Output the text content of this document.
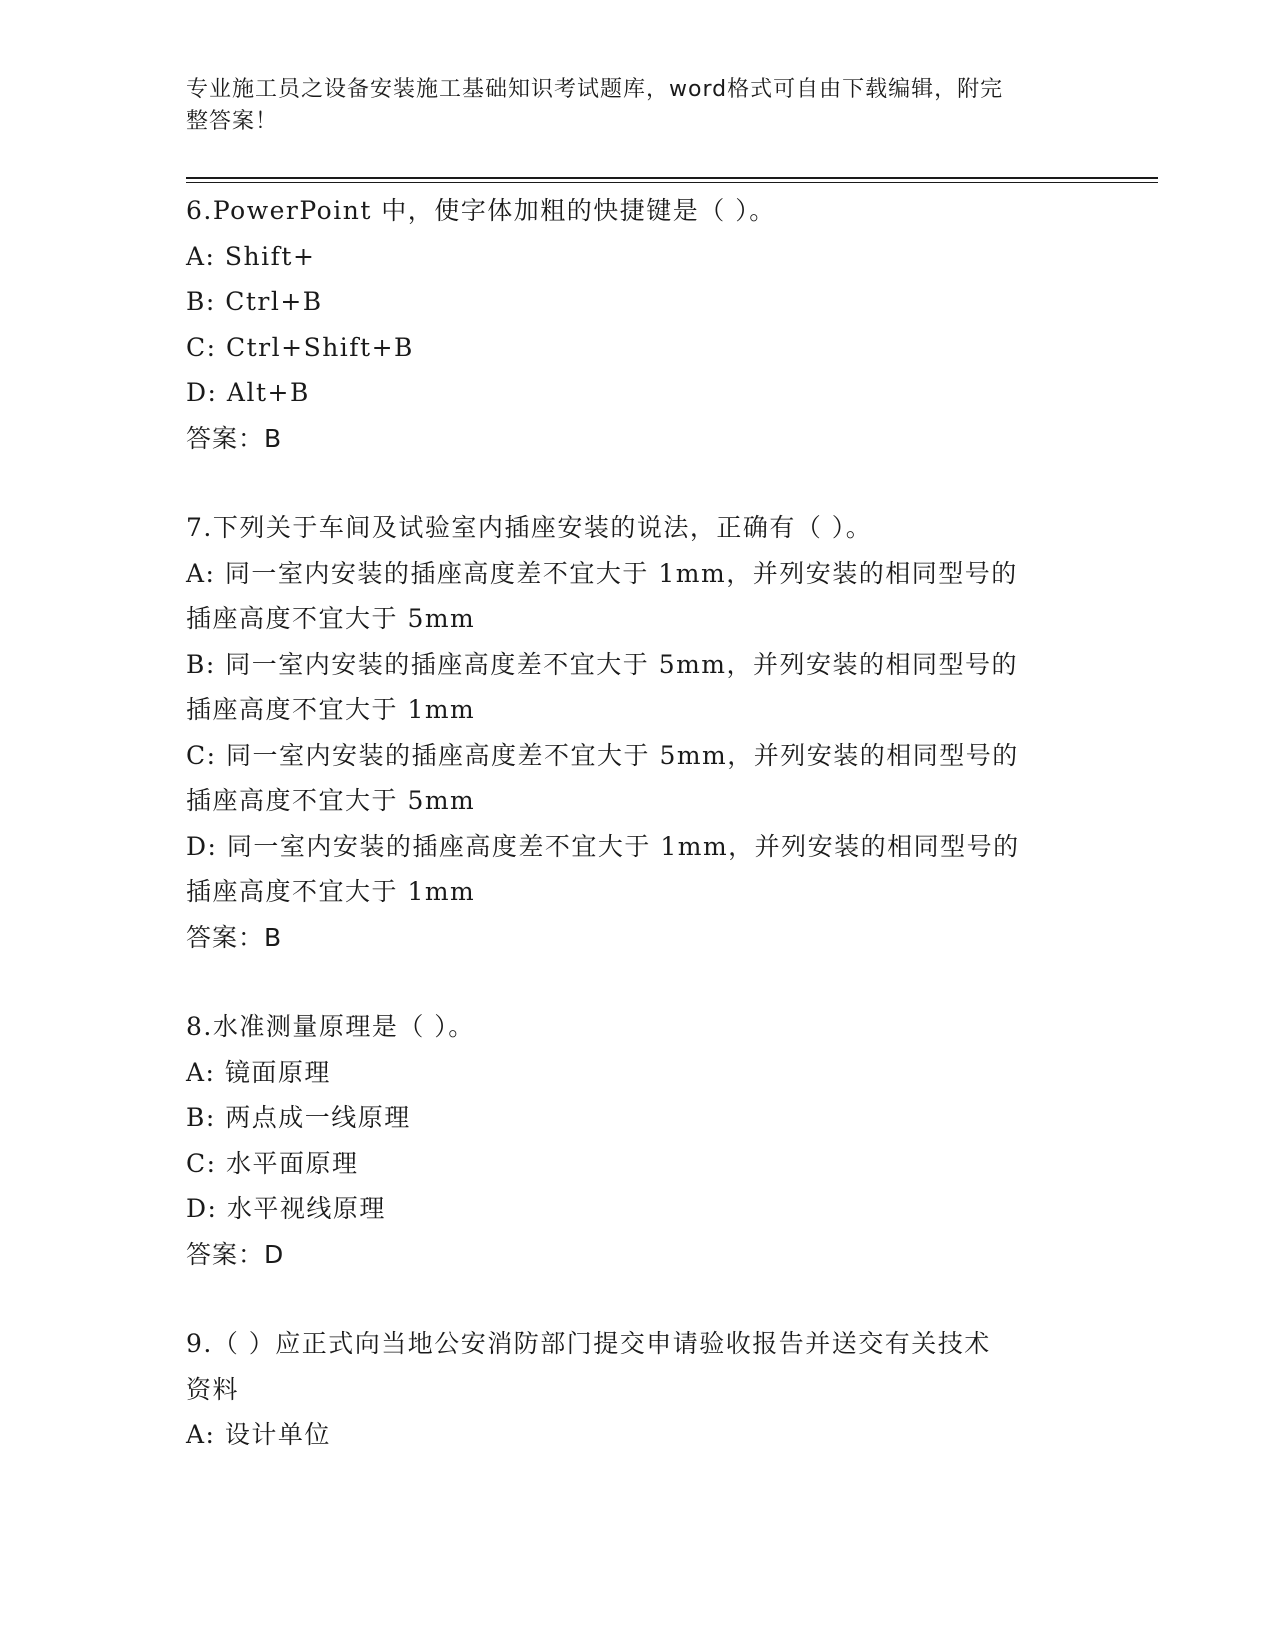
专业施工员之设备安装施工基础知识考试题库，word格式可自由下载编辑，附完
整答案！
6.PowerPoint 中，使字体加粗的快捷键是（ ）。
A: Shift+
B: Ctrl+B
C: Ctrl+Shift+B
D: Alt+B
答案：B
7.下列关于车间及试验室内插座安装的说法，正确有（ ）。
A: 同一室内安装的插座高度差不宜大于 1mm，并列安装的相同型号的
插座高度不宜大于 5mm
B: 同一室内安装的插座高度差不宜大于 5mm，并列安装的相同型号的
插座高度不宜大于 1mm
C: 同一室内安装的插座高度差不宜大于 5mm，并列安装的相同型号的
插座高度不宜大于 5mm
D: 同一室内安装的插座高度差不宜大于 1mm，并列安装的相同型号的
插座高度不宜大于 1mm
答案：B
8.水准测量原理是（ ）。
A: 镜面原理
B: 两点成一线原理
C: 水平面原理
D: 水平视线原理
答案：D
9.（ ）应正式向当地公安消防部门提交申请验收报告并送交有关技术
资料
A: 设计单位
